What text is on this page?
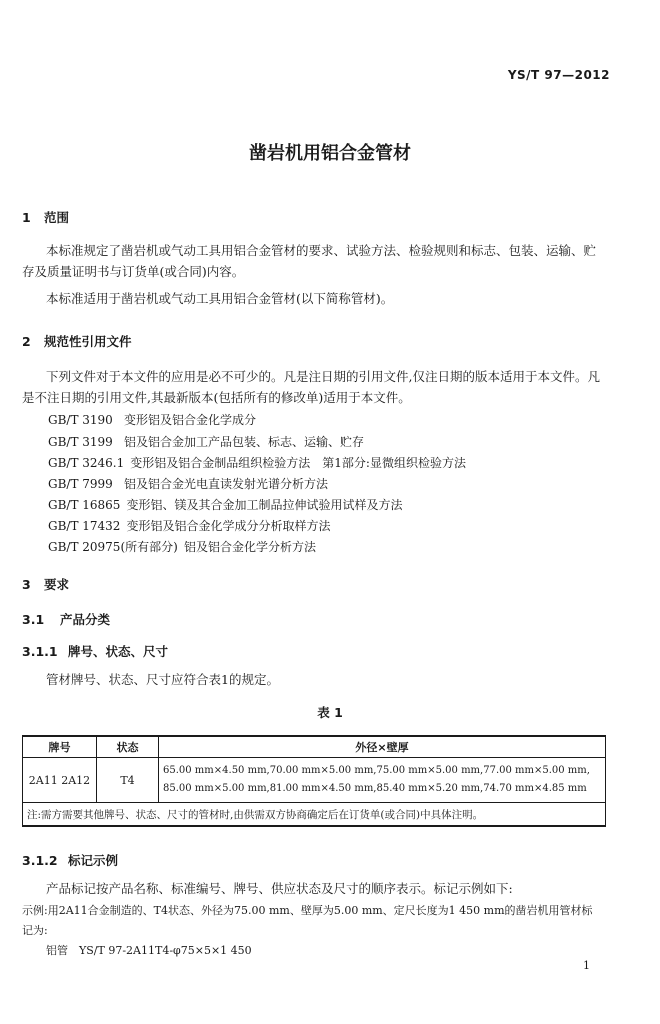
YS/T 97—2012
凿岩机用铝合金管材
1 范围
本标准规定了凿岩机或气动工具用铝合金管材的要求、试验方法、检验规则和标志、包装、运输、贮存及质量证明书与订货单(或合同)内容。
本标准适用于凿岩机或气动工具用铝合金管材(以下简称管材)。
2 规范性引用文件
下列文件对于本文件的应用是必不可少的。凡是注日期的引用文件,仅注日期的版本适用于本文件。凡是不注日期的引用文件,其最新版本(包括所有的修改单)适用于本文件。
GB/T 3190 变形铝及铝合金化学成分
GB/T 3199 铝及铝合金加工产品包装、标志、运输、贮存
GB/T 3246.1 变形铝及铝合金制品组织检验方法　第1部分:显微组织检验方法
GB/T 7999 铝及铝合金光电直读发射光谱分析方法
GB/T 16865 变形铝、镁及其合金加工制品拉伸试验用试样及方法
GB/T 17432 变形铝及铝合金化学成分分析取样方法
GB/T 20975(所有部分) 铝及铝合金化学分析方法
3 要求
3.1 产品分类
3.1.1 牌号、状态、尺寸
管材牌号、状态、尺寸应符合表1的规定。
表 1
牌号	状态	外径×壁厚
2A11 2A12	T4	65.00 mm×4.50 mm,70.00 mm×5.00 mm,75.00 mm×5.00 mm,77.00 mm×5.00 mm,
85.00 mm×5.00 mm,81.00 mm×4.50 mm,85.40 mm×5.20 mm,74.70 mm×4.85 mm

注:需方需要其他牌号、状态、尺寸的管材时,由供需双方协商确定后在订货单(或合同)中具体注明。		
3.1.2 标记示例
产品标记按产品名称、标准编号、牌号、供应状态及尺寸的顺序表示。标记示例如下:
示例:用2A11合金制造的、T4状态、外径为75.00 mm、壁厚为5.00 mm、定尺长度为1 450 mm的凿岩机用管材标
记为:
铝管　YS/T 97-2A11T4-φ75×5×1 450
1
